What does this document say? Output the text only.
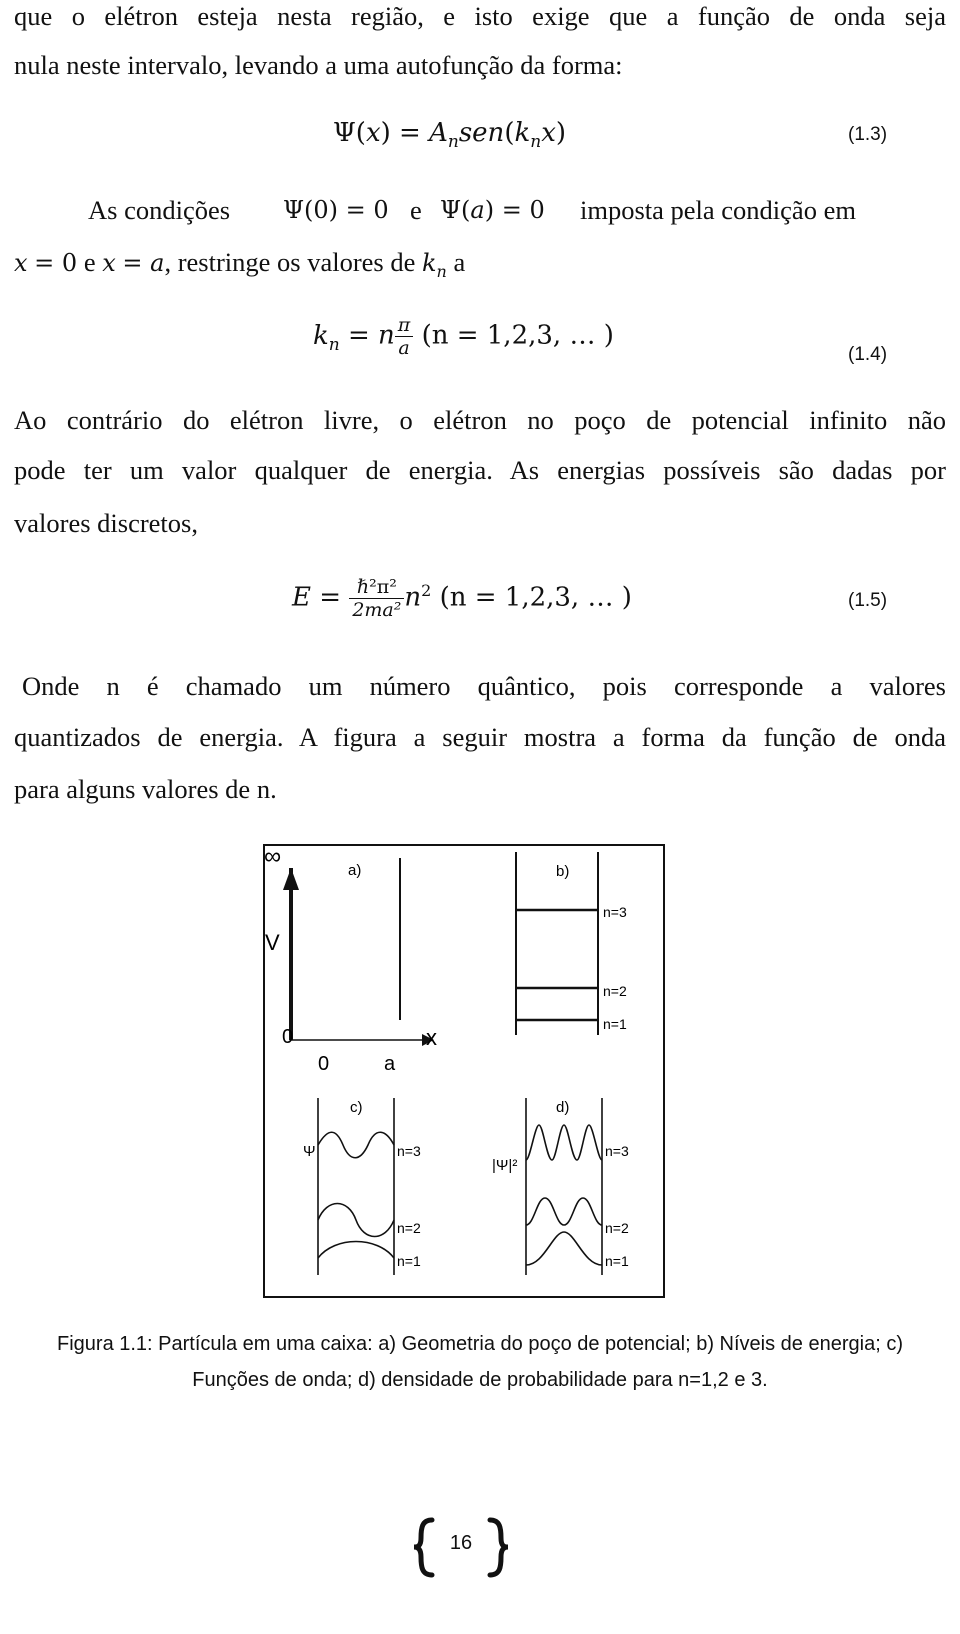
que o elétron esteja nesta região, e isto exige que a função de onda seja
nula neste intervalo, levando a uma autofunção da forma:
$\Psi(x) = A_nsen(k_nx)$	(1.3)
As condições Ψ(0) = 0 e Ψ(a) = 0 imposta pela condição em
x = 0 e x = a, restringe os valores de $k_n$ a
$k_n = n \frac{\pi}{a} (n = 1,2,3$, … )
(1.4)
Ao contrário do elétron livre, o elétron no poço de potencial infinito não
pode ter um valor qualquer de energia. As energias possíveis são dadas por
valores discretos,
$E = \frac{\text{ℏ²π²}}{\text{2ma²}} n^2$ (n = 1,2,3, … )	(1.5)
Onde n é chamado um número quântico, pois corresponde a valores
quantizados de energia. A figura a seguir mostra a forma da função de onda
para alguns valores de n.
∞
a)
V
0	x
0	a
b)
n=3
n=2
n=1
c)
Ψ	n=3
n=2
n=1
d)
|Ψ|²
n=3
n=2
n=1
Figura 1.1: Partícula em uma caixa: a) Geometria do poço de potencial; b) Níveis de energia; c)
Funções de onda; d) densidade de probabilidade para n=1,2 e 3.
16
